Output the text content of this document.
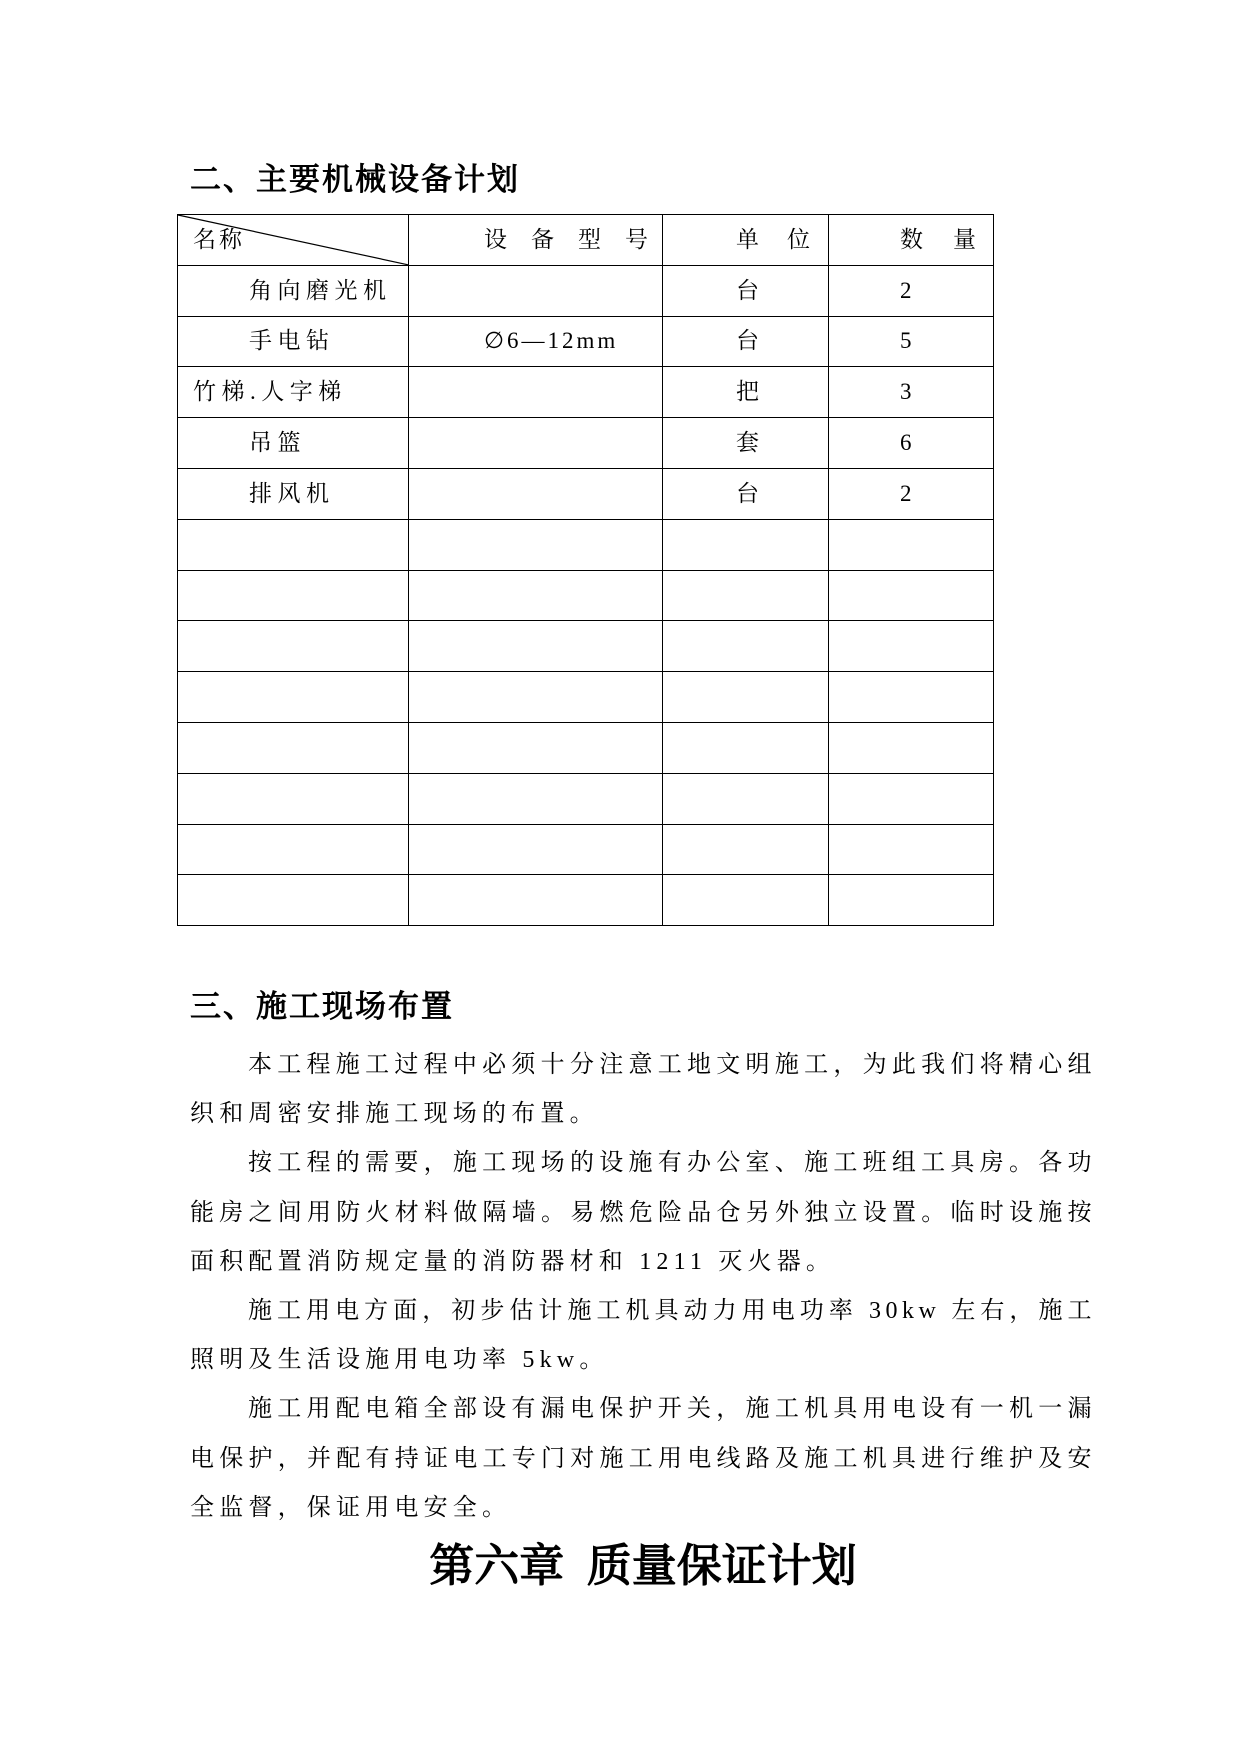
二、主要机械设备计划
名称	设备型号	单位	数量
角向磨光机		台	2
手电钻	∅6—12mm	台	5
竹梯.人字梯		把	3
吊篮		套	6
排风机		台	2

三、施工现场布置
本工程施工过程中必须十分注意工地文明施工，为此我们将精心组
织和周密安排施工现场的布置。
按工程的需要，施工现场的设施有办公室、施工班组工具房。各功
能房之间用防火材料做隔墙。易燃危险品仓另外独立设置。临时设施按
面积配置消防规定量的消防器材和 1211 灭火器。
施工用电方面，初步估计施工机具动力用电功率 30kw 左右，施工
照明及生活设施用电功率 5kw。
施工用配电箱全部设有漏电保护开关，施工机具用电设有一机一漏
电保护，并配有持证电工专门对施工用电线路及施工机具进行维护及安
全监督，保证用电安全。
第六章  质量保证计划
